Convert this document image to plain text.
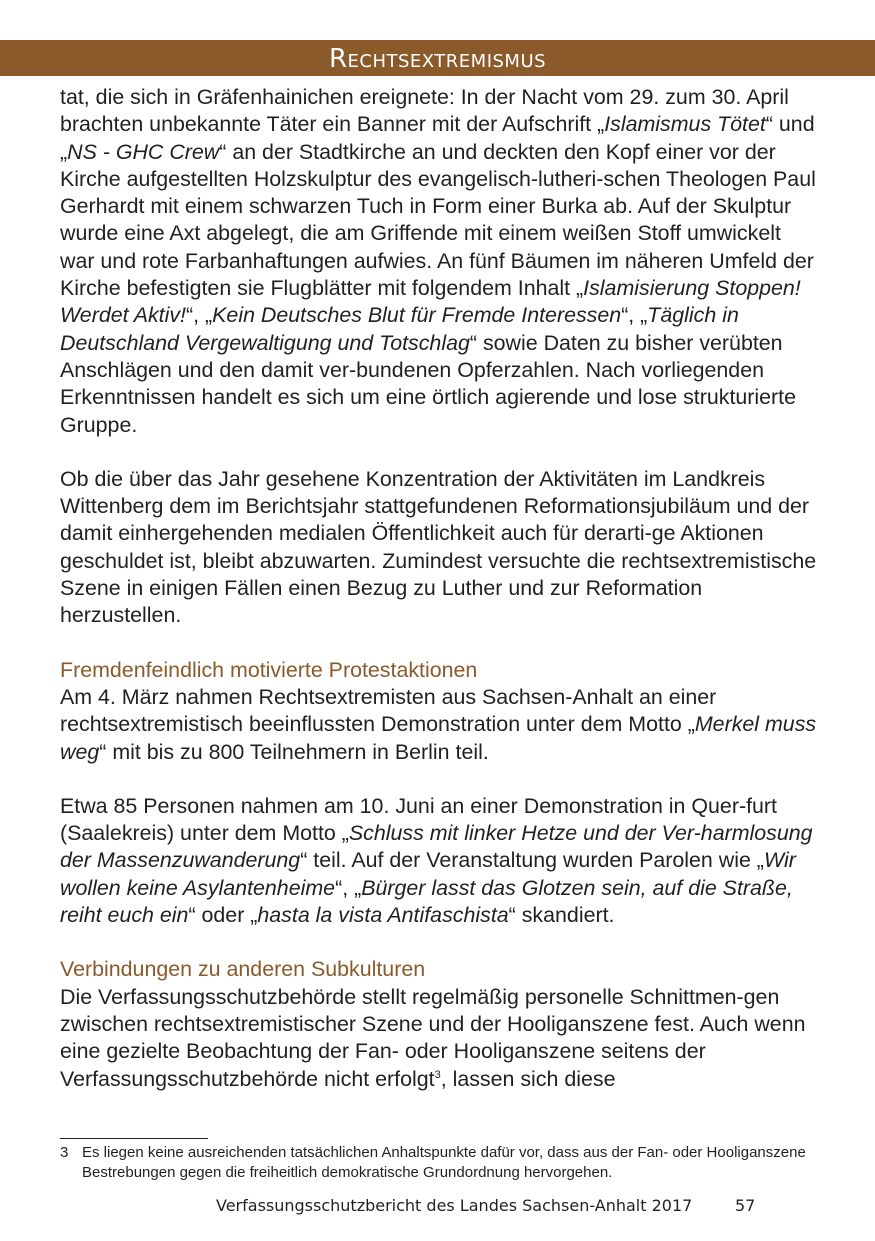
Rechtsextremismus

tat, die sich in Gräfenhainichen ereignete: In der Nacht vom 29. zum 30. April brachten unbekannte Täter ein Banner mit der Aufschrift „Islamismus Tötet“ und „NS - GHC Crew“ an der Stadtkirche an und deckten den Kopf einer vor der Kirche aufgestellten Holzskulptur des evangelisch-lutheri-schen Theologen Paul Gerhardt mit einem schwarzen Tuch in Form einer Burka ab. Auf der Skulptur wurde eine Axt abgelegt, die am Griffende mit einem weißen Stoff umwickelt war und rote Farbanhaftungen aufwies. An fünf Bäumen im näheren Umfeld der Kirche befestigten sie Flugblätter mit folgendem Inhalt „Islamisierung Stoppen! Werdet Aktiv!“, „Kein Deutsches Blut für Fremde Interessen“, „Täglich in Deutschland Vergewaltigung und Totschlag“ sowie Daten zu bisher verübten Anschlägen und den damit ver-bundenen Opferzahlen. Nach vorliegenden Erkenntnissen handelt es sich um eine örtlich agierende und lose strukturierte Gruppe.

Ob die über das Jahr gesehene Konzentration der Aktivitäten im Landkreis Wittenberg dem im Berichtsjahr stattgefundenen Reformationsjubiläum und der damit einhergehenden medialen Öffentlichkeit auch für derarti-ge Aktionen geschuldet ist, bleibt abzuwarten. Zumindest versuchte die rechtsextremistische Szene in einigen Fällen einen Bezug zu Luther und zur Reformation herzustellen.

Fremdenfeindlich motivierte Protestaktionen

Am 4. März nahmen Rechtsextremisten aus Sachsen-Anhalt an einer rechtsextremistisch beeinflussten Demonstration unter dem Motto „Merkel muss weg“ mit bis zu 800 Teilnehmern in Berlin teil.

Etwa 85 Personen nahmen am 10. Juni an einer Demonstration in Quer-furt (Saalekreis) unter dem Motto „Schluss mit linker Hetze und der Ver-harmlosung der Massenzuwanderung“ teil. Auf der Veranstaltung wurden Parolen wie „Wir wollen keine Asylantenheime“, „Bürger lasst das Glotzen sein, auf die Straße, reiht euch ein“ oder „hasta la vista Antifaschista“ skandiert.

Verbindungen zu anderen Subkulturen

Die Verfassungsschutzbehörde stellt regelmäßig personelle Schnittmen-gen zwischen rechtsextremistischer Szene und der Hooliganszene fest. Auch wenn eine gezielte Beobachtung der Fan- oder Hooliganszene seitens der Verfassungsschutzbehörde nicht erfolgt$^3$, lassen sich diese

3 Es liegen keine ausreichenden tatsächlichen Anhaltspunkte dafür vor, dass aus der Fan- oder Hooliganszene Bestrebungen gegen die freiheitlich demokratische Grundordnung hervorgehen.
Verfassungsschutzbericht des Landes Sachsen-Anhalt 2017	57
